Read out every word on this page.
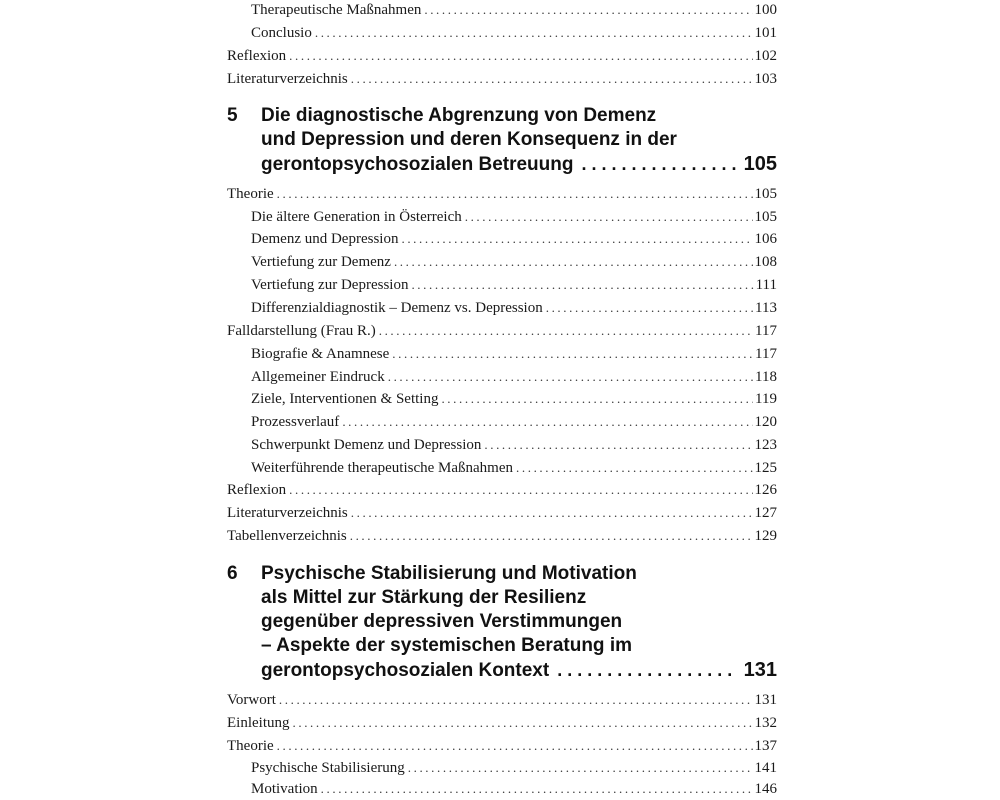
Therapeutische Maßnahmen .....	100
Conclusio .....	101
Reflexion .....	102
Literaturverzeichnis .....	103
5 Die diagnostische Abgrenzung von Demenz
und Depression und deren Konsequenz in der
gerontopsychosozialen Betreuung .....	105
Theorie .....	105
Die ältere Generation in Österreich .....	105
Demenz und Depression .....	106
Vertiefung zur Demenz .....	108
Vertiefung zur Depression .....	111
Differenzialdiagnostik – Demenz vs. Depression .....	113
Falldarstellung (Frau R.) .....	117
Biografie & Anamnese .....	117
Allgemeiner Eindruck .....	118
Ziele, Interventionen & Setting .....	119
Prozessverlauf .....	120
Schwerpunkt Demenz und Depression .....	123
Weiterführende therapeutische Maßnahmen .....	125
Reflexion .....	126
Literaturverzeichnis .....	127
Tabellenverzeichnis .....	129
6 Psychische Stabilisierung und Motivation
als Mittel zur Stärkung der Resilienz
gegenüber depressiven Verstimmungen
– Aspekte der systemischen Beratung im
gerontopsychosozialen Kontext .....	131
Vorwort .....	131
Einleitung .....	132
Theorie .....	137
Psychische Stabilisierung .....	141
Motivation .....	146
